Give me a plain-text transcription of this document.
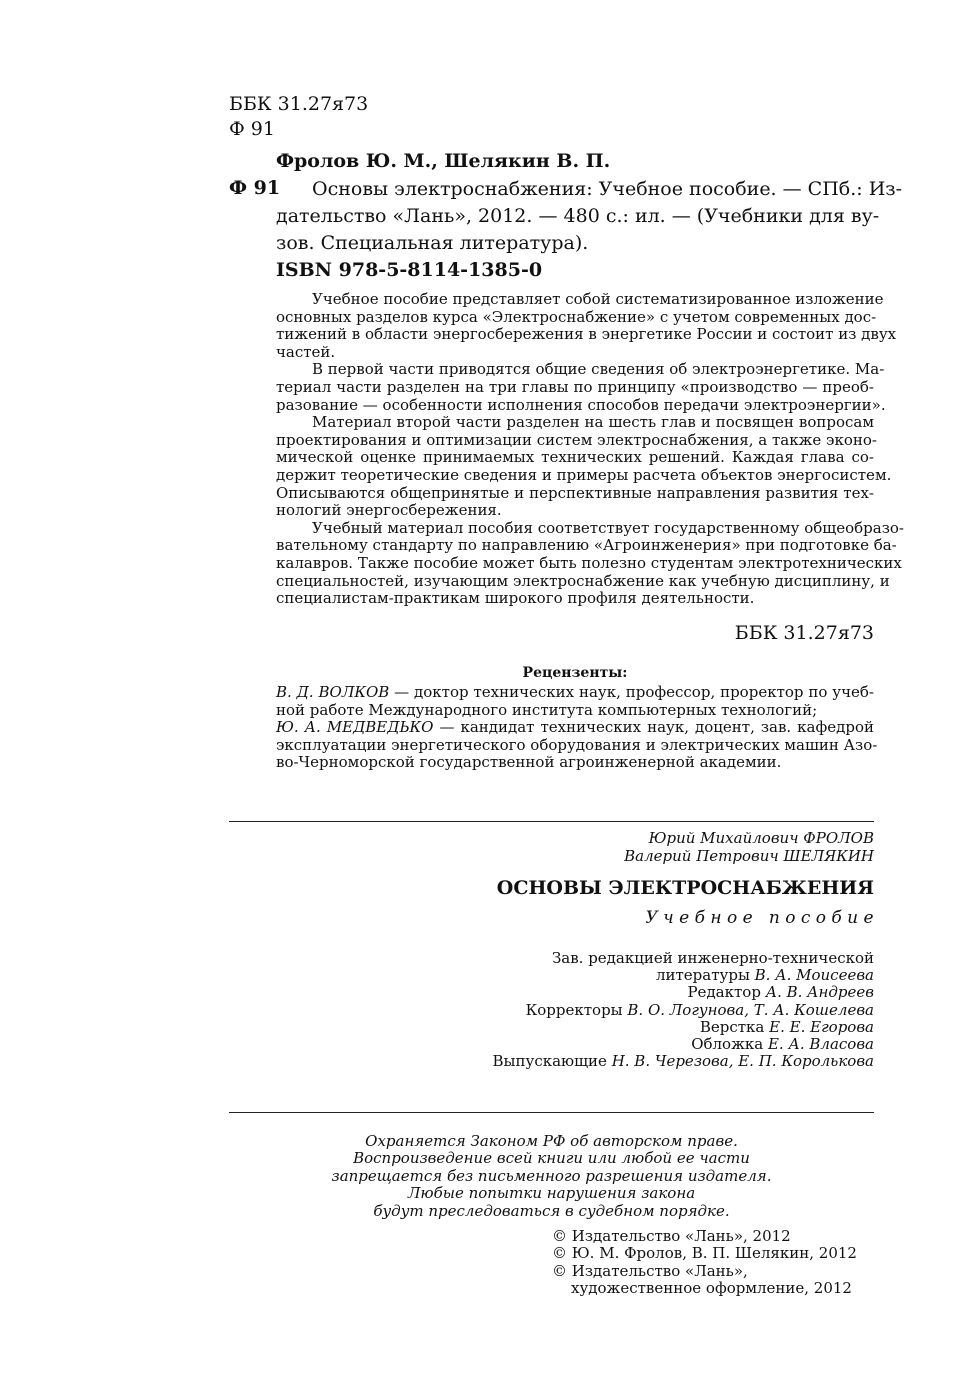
ББК 31.27я73
Ф 91
Фролов Ю. М., Шелякин В. П.
Ф 91	Основы электроснабжения: Учебное пособие. — СПб.: Из-
дательство «Лань», 2012. — 480 с.: ил. — (Учебники для ву-
зов. Специальная литература).
ISBN 978-5-8114-1385-0
Учебное пособие представляет собой систематизированное изложение
основных разделов курса «Электроснабжение» с учетом современных дос-
тижений в области энергосбережения в энергетике России и состоит из двух
частей.
В первой части приводятся общие сведения об электроэнергетике. Ма-
териал части разделен на три главы по принципу «производство — преоб-
разование — особенности исполнения способов передачи электроэнергии».
Материал второй части разделен на шесть глав и посвящен вопросам
проектирования и оптимизации систем электроснабжения, а также эконо-
мической оценке принимаемых технических решений. Каждая глава со-
держит теоретические сведения и примеры расчета объектов энергосистем.
Описываются общепринятые и перспективные направления развития тех-
нологий энергосбережения.
Учебный материал пособия соответствует государственному общеобразо-
вательному стандарту по направлению «Агроинженерия» при подготовке ба-
калавров. Также пособие может быть полезно студентам электротехнических
специальностей, изучающим электроснабжение как учебную дисциплину, и
специалистам-практикам широкого профиля деятельности.
ББК 31.27я73
Рецензенты:
В. Д. ВОЛКОВ — доктор технических наук, профессор, проректор по учеб-
ной работе Международного института компьютерных технологий;
Ю. А. МЕДВЕДЬКО — кандидат технических наук, доцент, зав. кафедрой
эксплуатации энергетического оборудования и электрических машин Азо-
во-Черноморской государственной агроинженерной академии.
Юрий Михайлович ФРОЛОВ
Валерий Петрович ШЕЛЯКИН
ОСНОВЫ ЭЛЕКТРОСНАБЖЕНИЯ
Учебное пособие
Зав. редакцией инженерно-технической
литературы В. А. Моисеева
Редактор А. В. Андреев
Корректоры В. О. Логунова, Т. А. Кошелева
Верстка Е. Е. Егорова
Обложка Е. А. Власова
Выпускающие Н. В. Черезова, Е. П. Королькова
Охраняется Законом РФ об авторском праве.
Воспроизведение всей книги или любой ее части
запрещается без письменного разрешения издателя.
Любые попытки нарушения закона
будут преследоваться в судебном порядке.
© Издательство «Лань», 2012
© Ю. М. Фролов, В. П. Шелякин, 2012
© Издательство «Лань»,
художественное оформление, 2012
